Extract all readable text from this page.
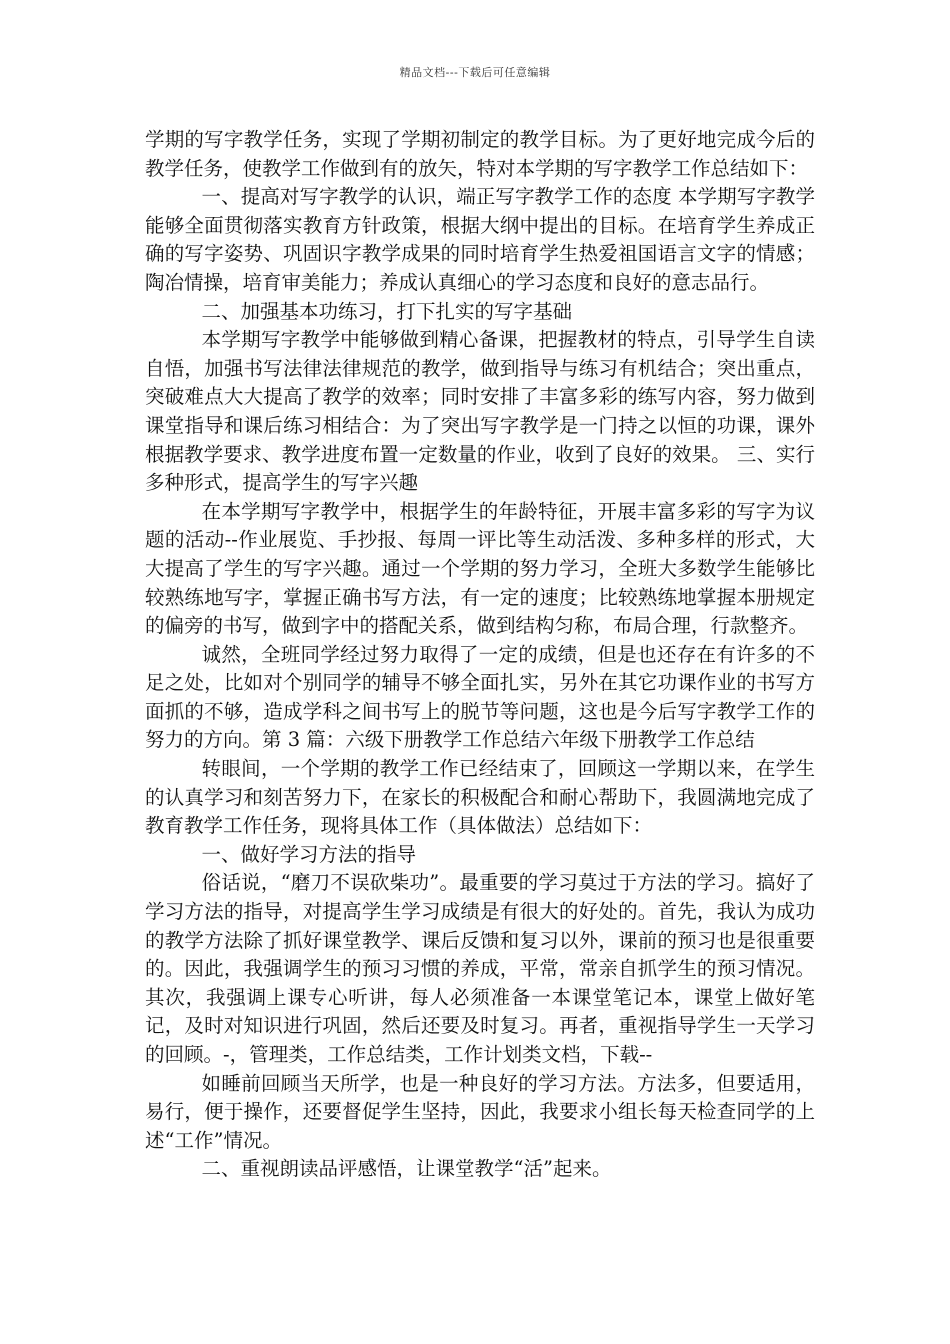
精品文档---下载后可任意编辑

学期的写字教学任务，实现了学期初制定的教学目标。为了更好地完成今后的教学任务，使教学工作做到有的放矢，特对本学期的写字教学工作总结如下：

一、提高对写字教学的认识，端正写字教学工作的态度 本学期写字教学能够全面贯彻落实教育方针政策，根据大纲中提出的目标。在培育学生养成正确的写字姿势、巩固识字教学成果的同时培育学生热爱祖国语言文字的情感；陶冶情操，培育审美能力；养成认真细心的学习态度和良好的意志品行。

二、加强基本功练习，打下扎实的写字基础

本学期写字教学中能够做到精心备课，把握教材的特点，引导学生自读自悟，加强书写法律法律规范的教学，做到指导与练习有机结合；突出重点，突破难点大大提高了教学的效率；同时安排了丰富多彩的练写内容，努力做到课堂指导和课后练习相结合：为了突出写字教学是一门持之以恒的功课，课外根据教学要求、教学进度布置一定数量的作业，收到了良好的效果。 三、实行多种形式，提高学生的写字兴趣

在本学期写字教学中，根据学生的年龄特征，开展丰富多彩的写字为议题的活动--作业展览、手抄报、每周一评比等生动活泼、多种多样的形式，大大提高了学生的写字兴趣。通过一个学期的努力学习，全班大多数学生能够比较熟练地写字，掌握正确书写方法，有一定的速度；比较熟练地掌握本册规定的偏旁的书写，做到字中的搭配关系，做到结构匀称，布局合理，行款整齐。

诚然，全班同学经过努力取得了一定的成绩，但是也还存在有许多的不足之处，比如对个别同学的辅导不够全面扎实，另外在其它功课作业的书写方面抓的不够，造成学科之间书写上的脱节等问题，这也是今后写字教学工作的努力的方向。第 3 篇：六级下册教学工作总结六年级下册教学工作总结

转眼间，一个学期的教学工作已经结束了，回顾这一学期以来，在学生的认真学习和刻苦努力下，在家长的积极配合和耐心帮助下，我圆满地完成了教育教学工作任务，现将具体工作（具体做法）总结如下：

一、做好学习方法的指导

俗话说，“磨刀不误砍柴功”。最重要的学习莫过于方法的学习。搞好了学习方法的指导，对提高学生学习成绩是有很大的好处的。首先，我认为成功的教学方法除了抓好课堂教学、课后反馈和复习以外，课前的预习也是很重要的。因此，我强调学生的预习习惯的养成，平常，常亲自抓学生的预习情况。其次，我强调上课专心听讲，每人必须准备一本课堂笔记本，课堂上做好笔记，及时对知识进行巩固，然后还要及时复习。再者，重视指导学生一天学习的回顾。-，管理类，工作总结类，工作计划类文档，下载--

如睡前回顾当天所学，也是一种良好的学习方法。方法多，但要适用，易行，便于操作，还要督促学生坚持，因此，我要求小组长每天检查同学的上述“工作”情况。

二、重视朗读品评感悟，让课堂教学“活”起来。
